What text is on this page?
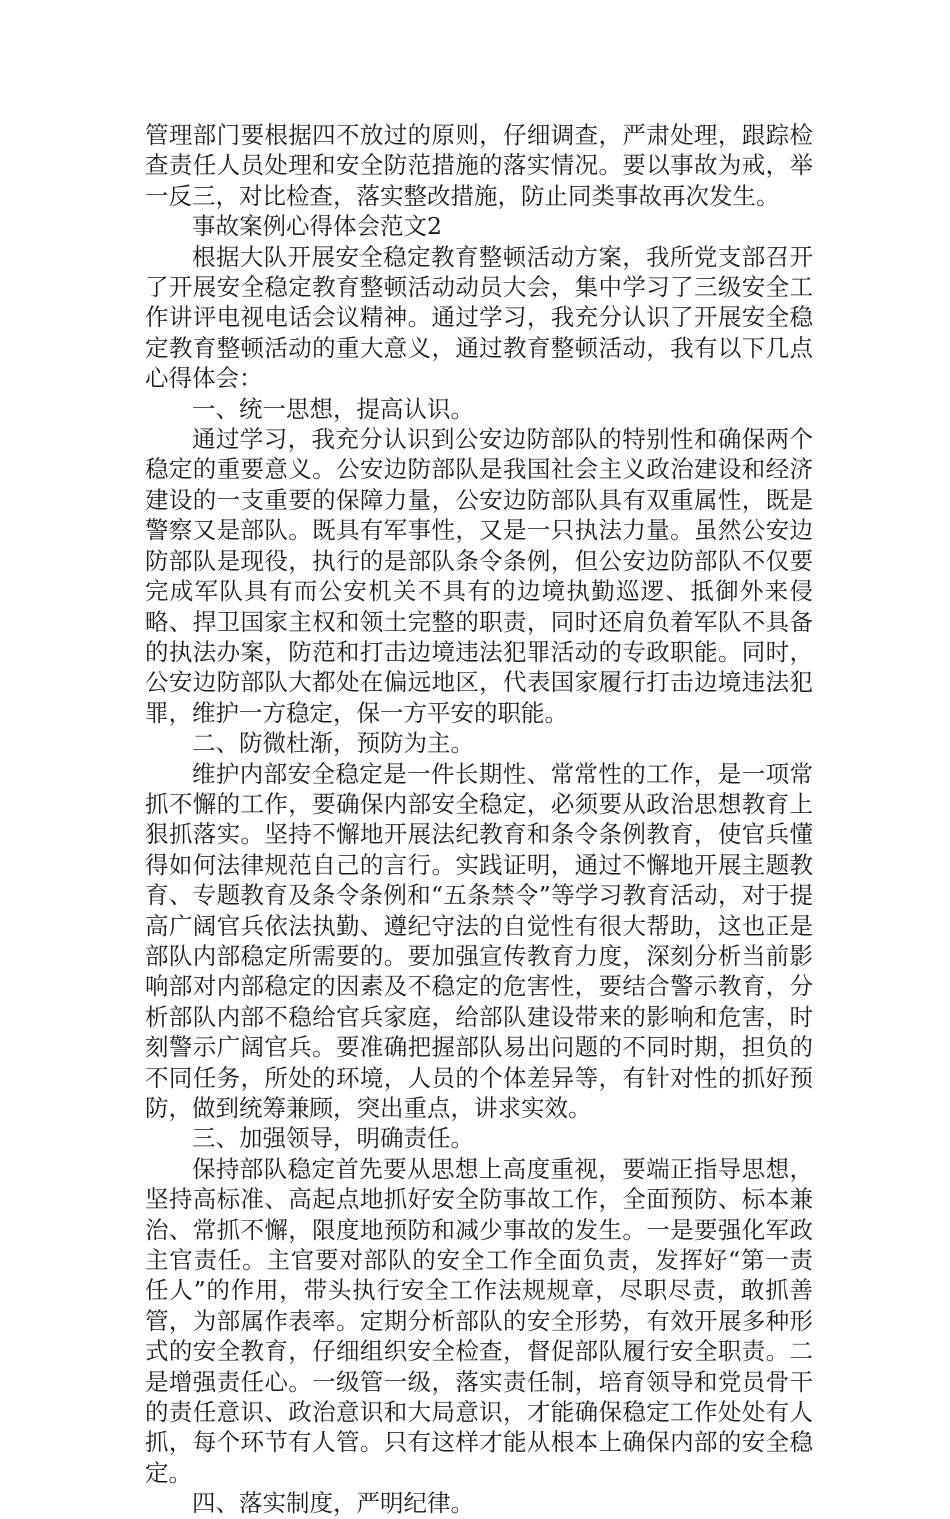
管理部门要根据四不放过的原则，仔细调查，严肃处理，跟踪检查责任人员处理和安全防范措施的落实情况。要以事故为戒，举一反三，对比检查，落实整改措施，防止同类事故再次发生。

事故案例心得体会范文2

根据大队开展安全稳定教育整顿活动方案，我所党支部召开了开展安全稳定教育整顿活动动员大会，集中学习了三级安全工作讲评电视电话会议精神。通过学习，我充分认识了开展安全稳定教育整顿活动的重大意义，通过教育整顿活动，我有以下几点心得体会：

一、统一思想，提高认识。

通过学习，我充分认识到公安边防部队的特别性和确保两个稳定的重要意义。公安边防部队是我国社会主义政治建设和经济建设的一支重要的保障力量，公安边防部队具有双重属性，既是警察又是部队。既具有军事性，又是一只执法力量。虽然公安边防部队是现役，执行的是部队条令条例，但公安边防部队不仅要完成军队具有而公安机关不具有的边境执勤巡逻、抵御外来侵略、捍卫国家主权和领土完整的职责，同时还肩负着军队不具备的执法办案，防范和打击边境违法犯罪活动的专政职能。同时，公安边防部队大都处在偏远地区，代表国家履行打击边境违法犯罪，维护一方稳定，保一方平安的职能。

二、防微杜渐，预防为主。

维护内部安全稳定是一件长期性、常常性的工作，是一项常抓不懈的工作，要确保内部安全稳定，必须要从政治思想教育上狠抓落实。坚持不懈地开展法纪教育和条令条例教育，使官兵懂得如何法律规范自己的言行。实践证明，通过不懈地开展主题教育、专题教育及条令条例和“五条禁令”等学习教育活动，对于提高广阔官兵依法执勤、遵纪守法的自觉性有很大帮助，这也正是部队内部稳定所需要的。要加强宣传教育力度，深刻分析当前影响部对内部稳定的因素及不稳定的危害性，要结合警示教育，分析部队内部不稳给官兵家庭，给部队建设带来的影响和危害，时刻警示广阔官兵。要准确把握部队易出问题的不同时期，担负的不同任务，所处的环境，人员的个体差异等，有针对性的抓好预防，做到统筹兼顾，突出重点，讲求实效。

三、加强领导，明确责任。

保持部队稳定首先要从思想上高度重视，要端正指导思想，坚持高标准、高起点地抓好安全防事故工作，全面预防、标本兼治、常抓不懈，限度地预防和减少事故的发生。一是要强化军政主官责任。主官要对部队的安全工作全面负责，发挥好“第一责任人”的作用，带头执行安全工作法规规章，尽职尽责，敢抓善管，为部属作表率。定期分析部队的安全形势，有效开展多种形式的安全教育，仔细组织安全检查，督促部队履行安全职责。二是增强责任心。一级管一级，落实责任制，培育领导和党员骨干的责任意识、政治意识和大局意识，才能确保稳定工作处处有人抓，每个环节有人管。只有这样才能从根本上确保内部的安全稳定。

四、落实制度，严明纪律。
